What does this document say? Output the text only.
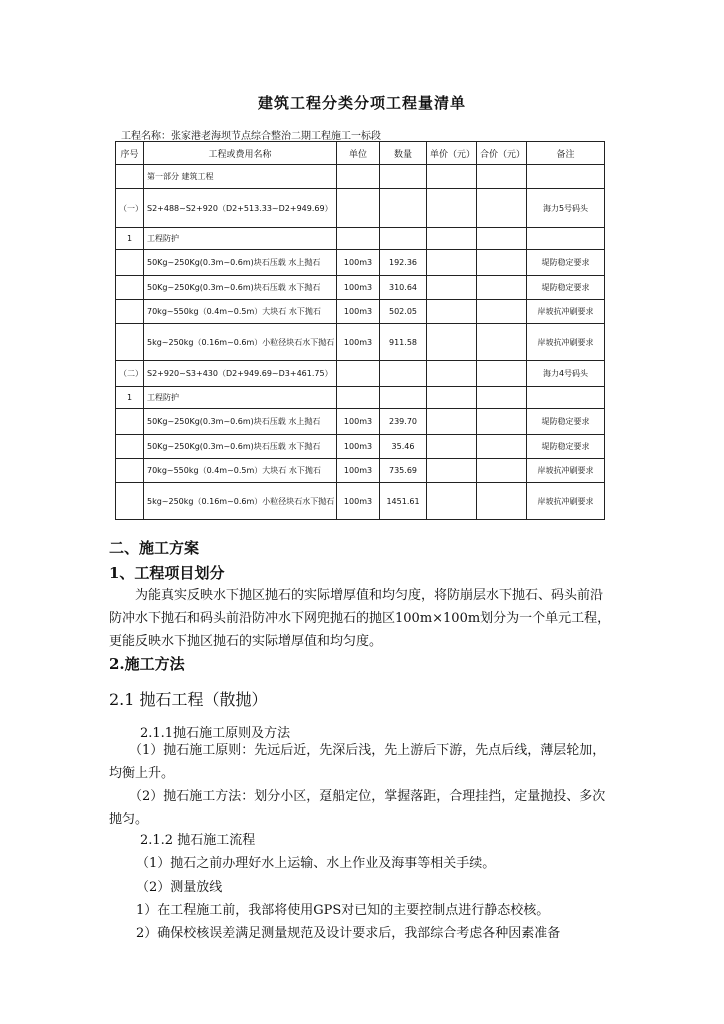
建筑工程分类分项工程量清单
工程名称：张家港老海坝节点综合整治二期工程施工一标段
序号	工程或费用名称	单位	数量	单价（元）	合价（元）	备注
	第一部分 建筑工程					
（一）	S2+488~S2+920（D2+513.33~D2+949.69）					海力5号码头
1	工程防护					
	50Kg~250Kg(0.3m~0.6m)块石压载 水上抛石	100m3	192.36			堤防稳定要求
	50Kg~250Kg(0.3m~0.6m)块石压载 水下抛石	100m3	310.64			堤防稳定要求
	70kg~550kg（0.4m~0.5m）大块石 水下抛石	100m3	502.05			岸坡抗冲刷要求
	5kg~250kg（0.16m~0.6m）小粒径块石水下抛石	100m3	911.58			岸坡抗冲刷要求
（二）	S2+920~S3+430（D2+949.69~D3+461.75）					海力4号码头
1	工程防护					
	50Kg~250Kg(0.3m~0.6m)块石压载 水上抛石	100m3	239.70			堤防稳定要求
	50Kg~250Kg(0.3m~0.6m)块石压载 水下抛石	100m3	35.46			堤防稳定要求
	70kg~550kg（0.4m~0.5m）大块石 水下抛石	100m3	735.69			岸坡抗冲刷要求
	5kg~250kg（0.16m~0.6m）小粒径块石水下抛石	100m3	1451.61			岸坡抗冲刷要求
二、施工方案
1、工程项目划分
为能真实反映水下抛区抛石的实际增厚值和均匀度，将防崩层水下抛石、码头前沿防冲水下抛石和码头前沿防冲水下网兜抛石的抛区100m×100m划分为一个单元工程，更能反映水下抛区抛石的实际增厚值和均匀度。
2.施工方法
2.1 抛石工程（散抛）
2.1.1抛石施工原则及方法
（1）抛石施工原则：先远后近，先深后浅，先上游后下游，先点后线，薄层轮加，均衡上升。
（2）抛石施工方法：划分小区，趸船定位，掌握落距，合理挂挡，定量抛投、多次抛匀。
2.1.2 抛石施工流程
（1）抛石之前办理好水上运输、水上作业及海事等相关手续。
（2）测量放线
1）在工程施工前，我部将使用GPS对已知的主要控制点进行静态校核。
2）确保校核误差满足测量规范及设计要求后，我部综合考虑各种因素准备
